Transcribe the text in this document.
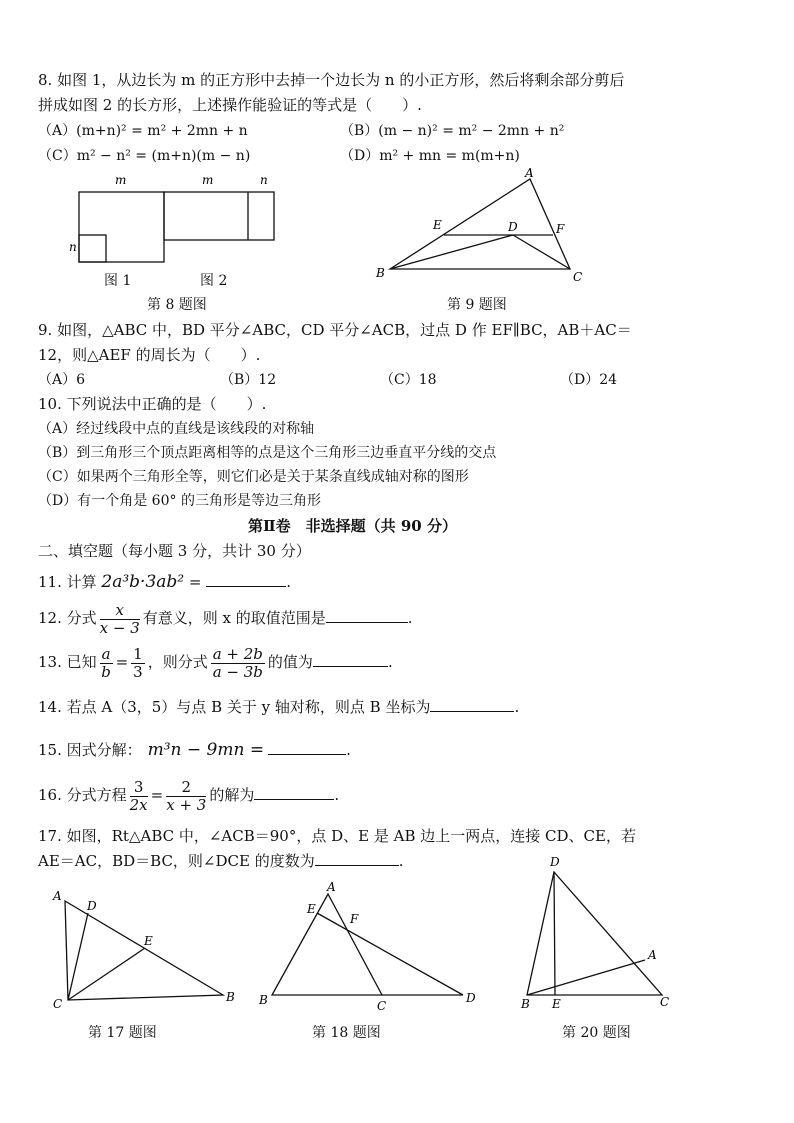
8. 如图 1，从边长为 m 的正方形中去掉一个边长为 n 的小正方形，然后将剩余部分剪后
拼成如图 2 的长方形，上述操作能验证的等式是（　　）.
（A）(m+n)² = m² + 2mn + n	（B）(m − n)² = m² − 2mn + n²
（C）m² − n² = (m+n)(m − n)	（D）m² + mn = m(m+n)
m
n
m	n
图 1	图 2
第 8 题图
A
B	C
D
E	F
第 9 题图
9. 如图，△ABC 中，BD 平分∠ABC，CD 平分∠ACB，过点 D 作 EF∥BC，AB＋AC＝
12，则△AEF 的周长为（　　）.
（A）6	（B）12	（C）18	（D）24
10. 下列说法中正确的是（　　）.
（A）经过线段中点的直线是该线段的对称轴
（B）到三角形三个顶点距离相等的点是这个三角形三边垂直平分线的交点
（C）如果两个三角形全等，则它们必是关于某条直线成轴对称的图形
（D）有一个角是 60° 的三角形是等边三角形
第Ⅱ卷　非选择题（共 90 分）
二、填空题（每小题 3 分，共计 30 分）
11. 计算 2a³b·3ab² =	.
12. 分式 $\frac{x}{x - 3}$ 有意义，则 x 的取值范围是	.
13. 已知 $\frac{a}{b} = \frac{1}{3}$ ，则分式 $\frac{a + 2b}{a - 3b}$ 的值为	.
14. 若点 A（3，5）与点 B 关于 y 轴对称，则点 B 坐标为	.
15. 因式分解： m³n − 9mn =	.
16. 分式方程 $\frac{3}{2x} = \frac{2}{x + 3}$ 的解为	.
17. 如图，Rt△ABC 中，∠ACB＝90°，点 D、E 是 AB 边上一两点，连接 CD、CE，若
AE＝AC，BD＝BC，则∠DCE 的度数为	.
A
D
E
C	B
第 17 题图
A
E
F
B	C
D
第 18 题图
D
A
B E	C
第 20 题图
